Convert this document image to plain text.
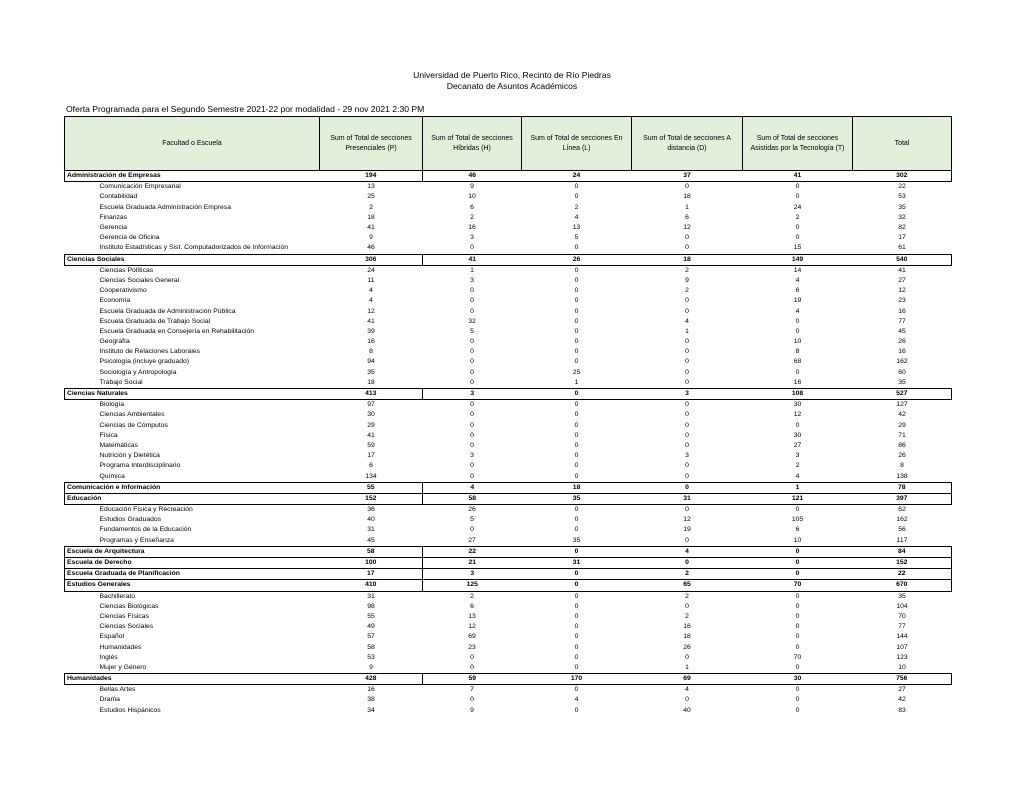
Universidad de Puerto Rico, Recinto de Río Piedras
Decanato de Asuntos Académicos
Oferta Programada para el Segundo Semestre 2021-22 por modalidad - 29 nov 2021 2:30 PM
Facultad o Escuela	Sum of Total de secciones Presenciales (P)	Sum of Total de secciones Híbridas (H)	Sum of Total de secciones En Línea (L)	Sum of Total de secciones A distancia (D)	Sum of Total de secciones Asistidas por la Tecnología (T)	Total
Administración de Empresas	194	46	24	37	41	302
Comunicación Empresarial	13	9	0	0	0	22
Contabilidad	25	10	0	18	0	53
Escuela Graduada Administración Empresa	2	6	2	1	24	35
Finanzas	18	2	4	6	2	32
Gerencia	41	16	13	12	0	82
Gerencia de Oficina	9	3	5	0	0	17
Instituto Estadísticas y Sist. Computadorizados de Información	46	0	0	0	15	61
Ciencias Sociales	306	41	26	18	149	540
Ciencias Políticas	24	1	0	2	14	41
Ciencias Sociales General	11	3	0	9	4	27
Cooperativismo	4	0	0	2	6	12
Economía	4	0	0	0	19	23
Escuela Graduada de Administración Pública	12	0	0	0	4	16
Escuela Graduada de Trabajo Social	41	32	0	4	0	77
Escuela Graduada en Consejería en Rehabilitación	39	5	0	1	0	45
Geografía	16	0	0	0	10	26
Instituto de Relaciones Laborales	8	0	0	0	8	16
Psicología (incluye graduado)	94	0	0	0	68	162
Sociología y Antropología	35	0	25	0	0	60
Trabajo Social	18	0	1	0	16	35
Ciencias Naturales	413	3	0	3	108	527
Biología	97	0	0	0	30	127
Ciencias Ambientales	30	0	0	0	12	42
Ciencias de Cómputos	29	0	0	0	0	29
Física	41	0	0	0	30	71
Matemáticas	59	0	0	0	27	86
Nutrición y Dietética	17	3	0	3	3	26
Programa Interdisciplinario	6	0	0	0	2	8
Química	134	0	0	0	4	138
Comunicación e Información	55	4	18	0	1	78
Educación	152	58	35	31	121	397
Educación Física y Recreación	36	26	0	0	0	62
Estudios Graduados	40	5	0	12	105	162
Fundamentos de la Educación	31	0	0	19	6	56
Programas y Enseñanza	45	27	35	0	10	117
Escuela de Arquitectura	58	22	0	4	0	84
Escuela de Derecho	100	21	31	0	0	152
Escuela Graduada de Planificación	17	3	0	2	0	22
Estudios Generales	410	125	0	65	70	670
Bachillerato	31	2	0	2	0	35
Ciencias Biológicas	98	6	0	0	0	104
Ciencias Físicas	55	13	0	2	0	70
Ciencias Sociales	49	12	0	16	0	77
Español	57	69	0	18	0	144
Humanidades	58	23	0	26	0	107
Inglés	53	0	0	0	70	123
Mujer y Género	9	0	0	1	0	10
Humanidades	428	59	170	69	30	756
Bellas Artes	16	7	0	4	0	27
Drama	38	0	4	0	0	42
Estudios Hispánicos	34	9	0	40	0	83
